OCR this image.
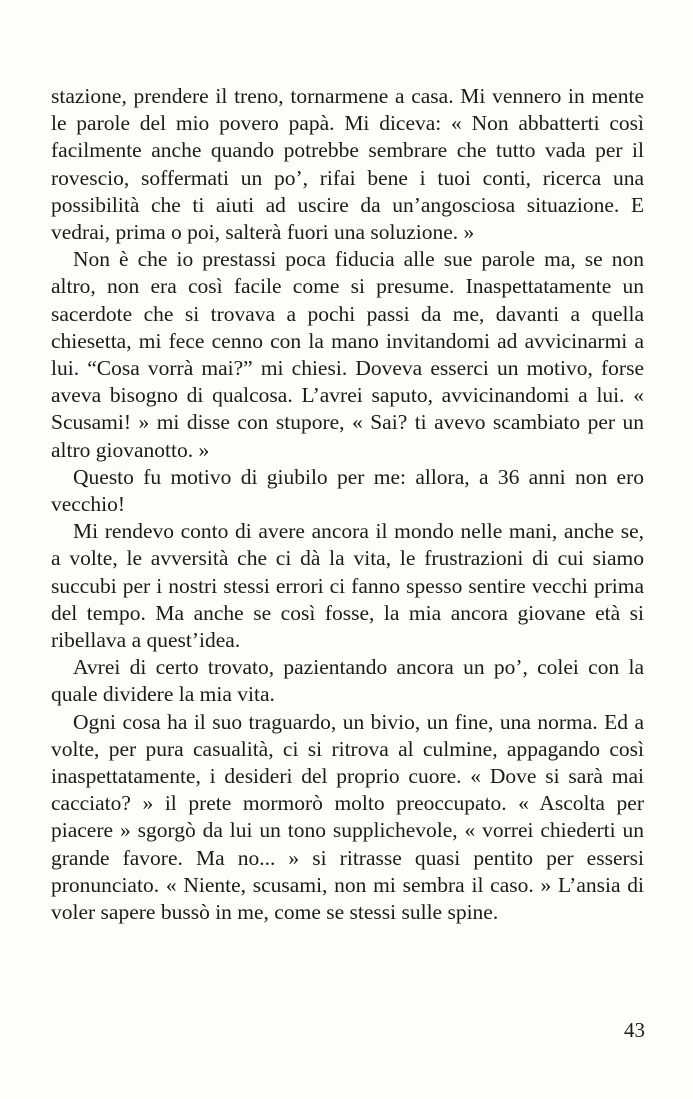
stazione, prendere il treno, tornarmene a casa. Mi vennero in mente le parole del mio povero papà. Mi diceva: « Non abbatterti così facilmente anche quando potrebbe sembrare che tutto vada per il rovescio, soffermati un po’, rifai bene i tuoi conti, ricerca una possibilità che ti aiuti ad uscire da un’angosciosa situazione. E vedrai, prima o poi, salterà fuori una soluzione. »

Non è che io prestassi poca fiducia alle sue parole ma, se non altro, non era così facile come si presume. Inaspettatamente un sacerdote che si trovava a pochi passi da me, davanti a quella chiesetta, mi fece cenno con la mano invitandomi ad avvicinarmi a lui. “Cosa vorrà mai?” mi chiesi. Doveva esserci un motivo, forse aveva bisogno di qualcosa. L’avrei saputo, avvicinandomi a lui. « Scusami! » mi disse con stupore, « Sai? ti avevo scambiato per un altro giovanotto. »

Questo fu motivo di giubilo per me: allora, a 36 anni non ero vecchio!

Mi rendevo conto di avere ancora il mondo nelle mani, anche se, a volte, le avversità che ci dà la vita, le frustrazioni di cui siamo succubi per i nostri stessi errori ci fanno spesso sentire vecchi prima del tempo. Ma anche se così fosse, la mia ancora giovane età si ribellava a quest’idea.

Avrei di certo trovato, pazientando ancora un po’, colei con la quale dividere la mia vita.

Ogni cosa ha il suo traguardo, un bivio, un fine, una norma. Ed a volte, per pura casualità, ci si ritrova al culmine, appagando così inaspettatamente, i desideri del proprio cuore. « Dove si sarà mai cacciato? » il prete mormorò molto preoccupato. « Ascolta per piacere » sgorgò da lui un tono supplichevole, « vorrei chiederti un grande favore. Ma no... » si ritrasse quasi pentito per essersi pronunciato. « Niente, scusami, non mi sembra il caso. » L’ansia di voler sapere bussò in me, come se stessi sulle spine.

43
